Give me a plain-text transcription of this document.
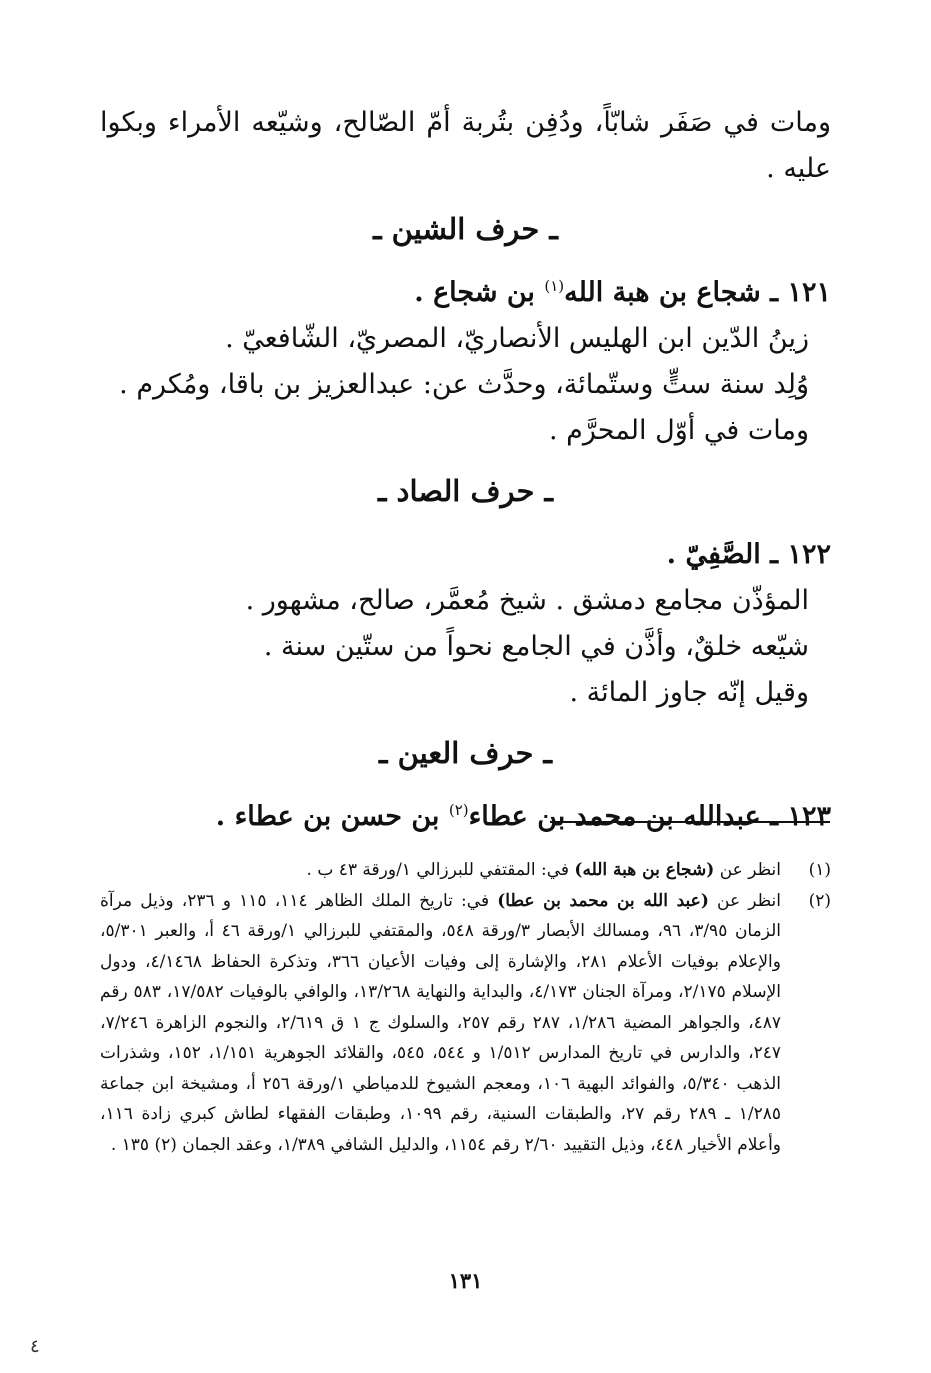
ومات في صَفَر شابّاً، ودُفِن بتُربة أمّ الصّالح، وشيّعه الأمراء وبكوا
عليه .
ـ حرف الشين ـ
١٢١ ـ شجاع بن هبة الله$^{(١)}$ بن شجاع .
زينُ الدّين ابن الهليس الأنصاريّ، المصريّ، الشّافعيّ .
وُلِد سنة ستٍّ وستّمائة، وحدَّث عن: عبدالعزيز بن باقا، ومُكرم .
ومات في أوّل المحرَّم .
ـ حرف الصاد ـ
١٢٢ ـ الصَّفِيّ .
المؤذّن مجامع دمشق . شيخ مُعمَّر، صالح، مشهور .
شيّعه خلقٌ، وأذَّن في الجامع نحواً من ستّين سنة .
وقيل إنّه جاوز المائة .
ـ حرف العين ـ
١٢٣ ـ عبدالله بن محمد بن عطاء$^{(٢)}$ بن حسن بن عطاء .
(١)
انظر عن (شجاع بن هبة الله) في: المقتفي للبرزالي ١/ورقة ٤٣ ب .
(٢)
انظر عن (عبد الله بن محمد بن عطا) في: تاريخ الملك الظاهر ١١٤، ١١٥ و ٢٣٦، وذيل مرآة الزمان ٣/٩٥، ٩٦، ومسالك الأبصار ٣/ورقة ٥٤٨، والمقتفي للبرزالي ١/ورقة ٤٦ أ، والعبر ٥/٣٠١، والإعلام بوفيات الأعلام ٢٨١، والإشارة إلى وفيات الأعيان ٣٦٦، وتذكرة الحفاظ ٤/١٤٦٨، ودول الإسلام ٢/١٧٥، ومرآة الجنان ٤/١٧٣، والبداية والنهاية ١٣/٢٦٨، والوافي بالوفيات ١٧/٥٨٢، ٥٨٣ رقم ٤٨٧، والجواهر المضية ١/٢٨٦، ٢٨٧ رقم ٢٥٧، والسلوك ج ١ ق ٢/٦١٩، والنجوم الزاهرة ٧/٢٤٦، ٢٤٧، والدارس في تاريخ المدارس ١/٥١٢ و ٥٤٤، ٥٤٥، والقلائد الجوهرية ١/١٥١، ١٥٢، وشذرات الذهب ٥/٣٤٠، والفوائد البهية ١٠٦، ومعجم الشيوخ للدمياطي ١/ورقة ٢٥٦ أ، ومشيخة ابن جماعة ١/٢٨٥ ـ ٢٨٩ رقم ٢٧، والطبقات السنية، رقم ١٠٩٩، وطبقات الفقهاء لطاش كبري زادة ١١٦، وأعلام الأخيار ٤٤٨، وذيل التقييد ٢/٦٠ رقم ١١٥٤، والدليل الشافي ١/٣٨٩، وعقد الجمان (٢) ١٣٥ .
١٣١
٤
